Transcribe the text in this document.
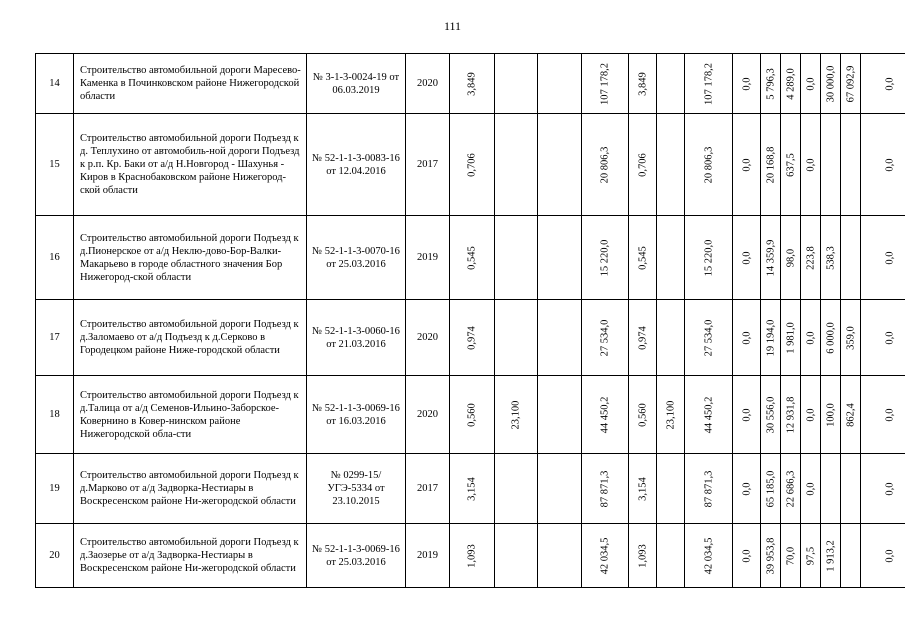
111
14	Строительство автомобильной дороги Маресево-Каменка в Починковском районе Нижегородской области	№ 3-1-3-0024-19 от 06.03.2019	2020	3,849			107 178,2	3,849		107 178,2	0,0	5 796,3	4 289,0	0,0	30 000,0	67 092,9	0,0

15	Строительство автомобильной дороги Подъезд к д. Теплухино от автомобиль-ной дороги Подъезд к р.п. Кр. Баки от а/д Н.Новгород - Шахунья - Киров в Краснобаковском районе Нижегород-ской области	№ 52-1-1-3-0083-16 от 12.04.2016	2017	0,706			20 806,3	0,706		20 806,3	0,0	20 168,8	637,5	0,0			0,0

16	Строительство автомобильной дороги Подъезд к д.Пионерское от а/д Неклю-дово-Бор-Валки-Макарьево в городе областного значения Бор Нижегород-ской области	№ 52-1-1-3-0070-16 от 25.03.2016	2019	0,545			15 220,0	0,545		15 220,0	0,0	14 359,9	98,0	223,8	538,3		0,0

17	Строительство автомобильной дороги Подъезд к д.Заломаево от а/д Подъезд к д.Серково в Городецком районе Ниже-городской области	№ 52-1-1-3-0060-16 от 21.03.2016	2020	0,974			27 534,0	0,974		27 534,0	0,0	19 194,0	1 981,0	0,0	6 000,0	359,0	0,0

18	Строительство автомобильной дороги Подъезд к д.Талица от а/д Семенов-Ильино-Заборское-Ковернино в Ковер-нинском районе Нижегородской обла-сти	№ 52-1-1-3-0069-16 от 16.03.2016	2020	0,560	23,100		44 450,2	0,560	23,100	44 450,2	0,0	30 556,0	12 931,8	0,0	100,0	862,4	0,0

19	Строительство автомобильной дороги Подъезд к д.Марково от а/д Задворка-Нестиары в Воскресенском районе Ни-жегородской области	№ 0299-15/УГЭ-5334 от 23.10.2015	2017	3,154			87 871,3	3,154		87 871,3	0,0	65 185,0	22 686,3	0,0			0,0

20	Строительство автомобильной дороги Подъезд к д.Заозерье от а/д Задворка-Нестиары в Воскресенском районе Ни-жегородской области	№ 52-1-1-3-0069-16 от 25.03.2016	2019	1,093			42 034,5	1,093		42 034,5	0,0	39 953,8	70,0	97,5	1 913,2		0,0
